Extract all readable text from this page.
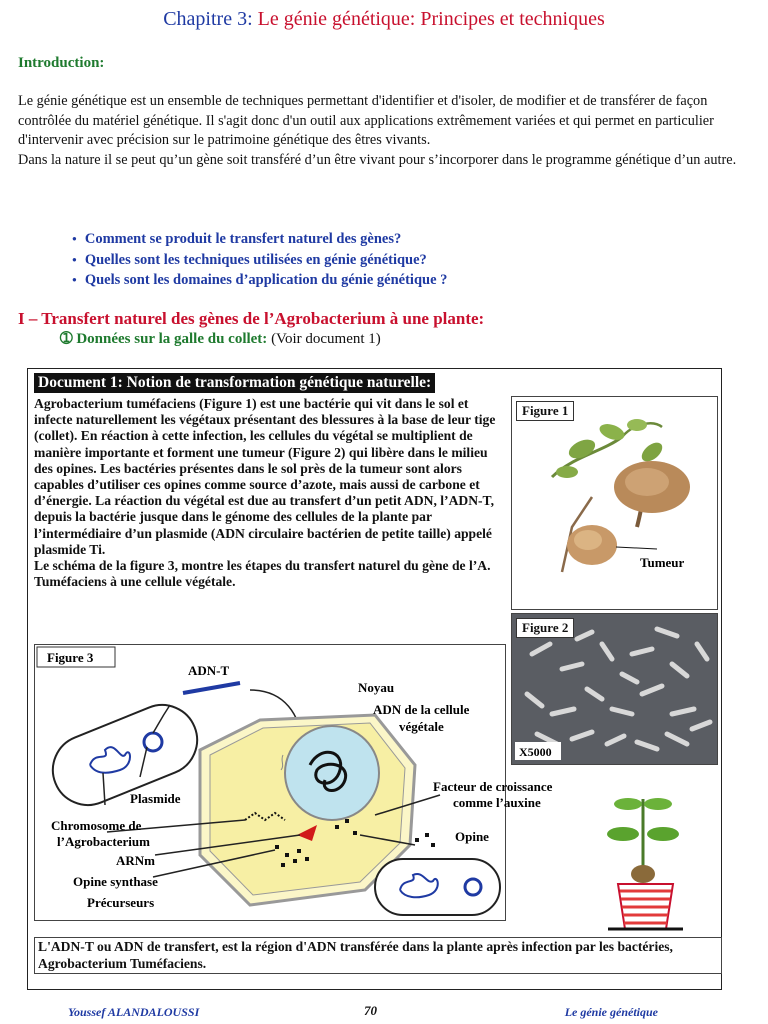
Chapitre 3: Le génie génétique: Principes et techniques
Introduction:
Le génie génétique est un ensemble de techniques permettant d'identifier et d'isoler, de modifier et de transférer de façon contrôlée du matériel génétique. Il s'agit donc d'un outil aux applications extrêmement variées et qui permet en particulier d'intervenir avec précision sur le patrimoine génétique des êtres vivants.
Dans la nature il se peut qu’un gène soit transféré d’un être vivant pour s’incorporer dans le programme génétique d’un autre.
● Comment se produit le transfert naturel des gènes?
● Quelles sont les techniques utilisées en génie génétique?
● Quels sont les domaines d’application du génie génétique ?
I – Transfert naturel des gènes de l’Agrobacterium à une plante:
➀ Données sur la galle du collet: (Voir document 1)
Document 1: Notion de transformation génétique naturelle:
Agrobacterium tuméfaciens (Figure 1) est une bactérie qui vit dans le sol et infecte naturellement les végétaux présentant des blessures à la base de leur tige (collet). En réaction à cette infection, les cellules du végétal se multiplient de manière importante et forment une tumeur (Figure 2) qui libère dans le milieu des opines. Les bactéries présentes dans le sol près de la tumeur sont alors capables d’utiliser ces opines comme source d’azote, mais aussi de carbone et d’énergie. La réaction du végétal est due au transfert d’un petit ADN, l’ADN-T, depuis la bactérie jusque dans le génome des cellules de la plante par l’intermédiaire d’un plasmide (ADN circulaire bactérien de petite taille) appelé plasmide Ti.
Le schéma de la figure 3, montre les étapes du transfert naturel du gène de l’A. Tuméfaciens à une cellule végétale.
Tumeur
Figure 1
X5000
Figure 2
Figure 3
ADN-T
Noyau
ADN de la cellule
végétale
Plasmide
Chromosome de
l’Agrobacterium
ARNm
Opine synthase
Précurseurs
Facteur de croissance
comme l’auxine
Opine
L'ADN-T ou ADN de transfert, est la région d'ADN transférée dans la plante après infection par les bactéries, Agrobacterium Tuméfaciens.
Youssef ALANDALOUSSI	70	Le génie génétique
